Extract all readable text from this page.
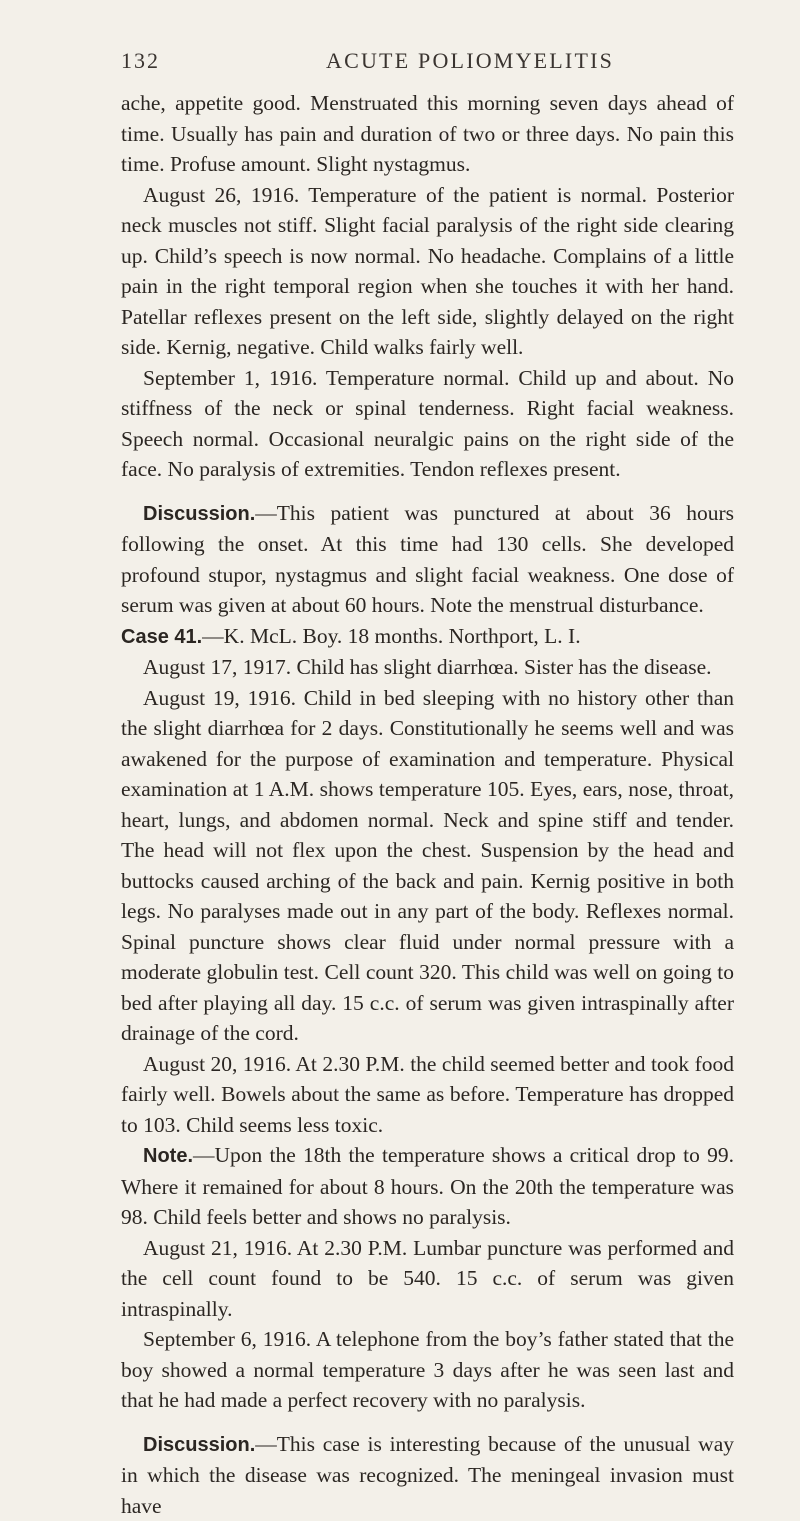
132	ACUTE POLIOMYELITIS

ache, appetite good. Menstruated this morning seven days ahead of time. Usually has pain and duration of two or three days. No pain this time. Profuse amount. Slight nystagmus.

August 26, 1916. Temperature of the patient is normal. Posterior neck muscles not stiff. Slight facial paralysis of the right side clearing up. Child’s speech is now normal. No headache. Complains of a little pain in the right temporal region when she touches it with her hand. Patellar reflexes present on the left side, slightly delayed on the right side. Kernig, negative. Child walks fairly well.

September 1, 1916. Temperature normal. Child up and about. No stiffness of the neck or spinal tenderness. Right facial weakness. Speech normal. Occasional neuralgic pains on the right side of the face. No paralysis of extremities. Tendon reflexes present.

Discussion.—This patient was punctured at about 36 hours following the onset. At this time had 130 cells. She developed profound stupor, nystagmus and slight facial weakness. One dose of serum was given at about 60 hours. Note the menstrual disturbance.

Case 41.—K. McL. Boy. 18 months. Northport, L. I.

August 17, 1917. Child has slight diarrhœa. Sister has the disease.

August 19, 1916. Child in bed sleeping with no history other than the slight diarrhœa for 2 days. Constitutionally he seems well and was awakened for the purpose of examination and temperature. Physical examination at 1 A.M. shows temperature 105. Eyes, ears, nose, throat, heart, lungs, and abdomen normal. Neck and spine stiff and tender. The head will not flex upon the chest. Suspension by the head and buttocks caused arching of the back and pain. Kernig positive in both legs. No paralyses made out in any part of the body. Reflexes normal. Spinal puncture shows clear fluid under normal pressure with a moderate globulin test. Cell count 320. This child was well on going to bed after playing all day. 15 c.c. of serum was given intraspinally after drainage of the cord.

August 20, 1916. At 2.30 P.M. the child seemed better and took food fairly well. Bowels about the same as before. Temperature has dropped to 103. Child seems less toxic.

Note.—Upon the 18th the temperature shows a critical drop to 99. Where it remained for about 8 hours. On the 20th the temperature was 98. Child feels better and shows no paralysis.

August 21, 1916. At 2.30 P.M. Lumbar puncture was performed and the cell count found to be 540. 15 c.c. of serum was given intraspinally.

September 6, 1916. A telephone from the boy’s father stated that the boy showed a normal temperature 3 days after he was seen last and that he had made a perfect recovery with no paralysis.

Discussion.—This case is interesting because of the unusual way in which the disease was recognized. The meningeal invasion must have
